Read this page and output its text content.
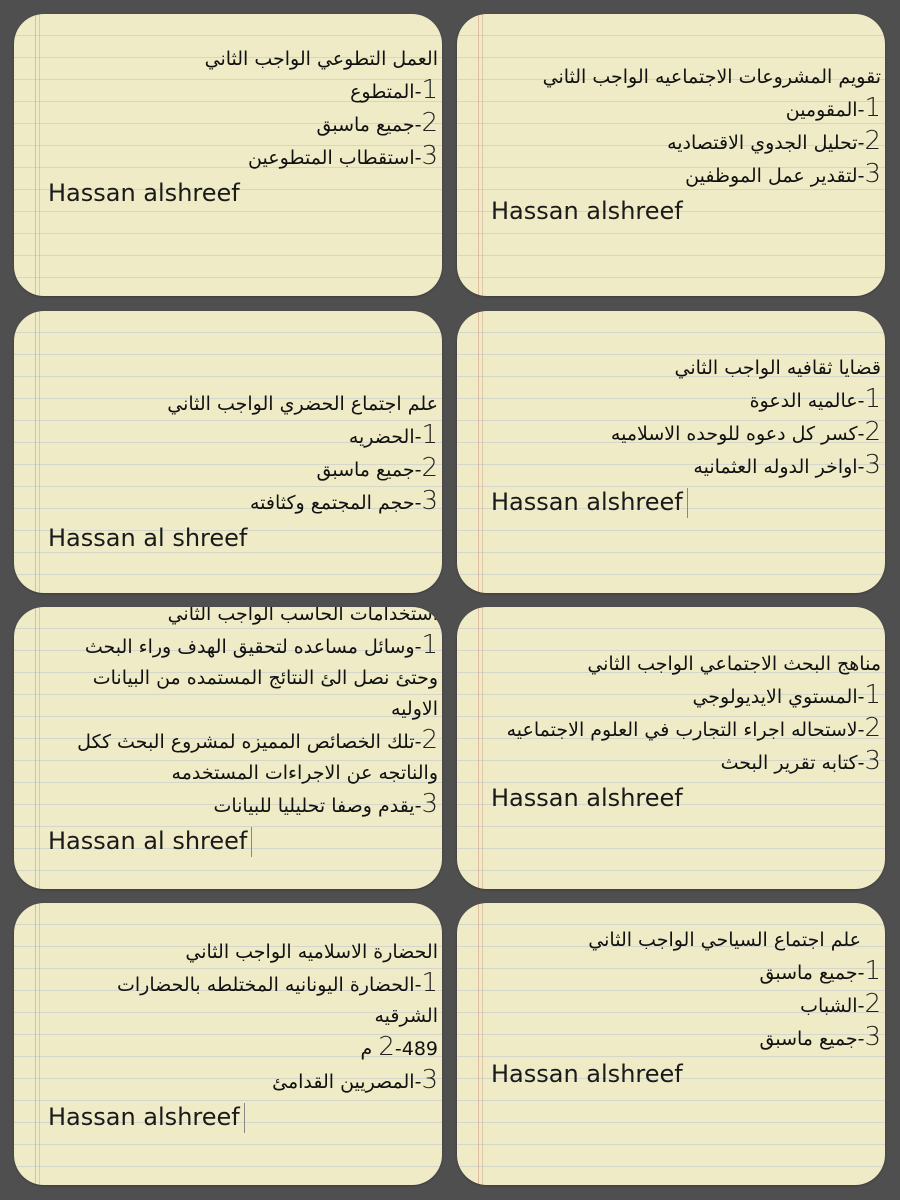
تقويم المشروعات الاجتماعيه الواجب الثاني
1-المقومين
2-تحليل الجدوي الاقتصاديه
3-لتقدير عمل الموظفين
Hassan alshreef
العمل التطوعي الواجب الثاني
1-المتطوع
2-جميع ماسبق
3-استقطاب المتطوعين
Hassan alshreef
قضايا ثقافيه الواجب الثاني
1-عالميه الدعوة
2-كسر كل دعوه للوحده الاسلاميه
3-اواخر الدوله العثمانيه
Hassan alshreef
علم اجتماع الحضري الواجب الثاني
1-الحضريه
2-جميع ماسبق
3-حجم المجتمع وكثافته
Hassan al shreef
مناهج البحث الاجتماعي الواجب الثاني
1-المستوي الايديولوجي
2-لاستحاله اجراء التجارب في العلوم الاجتماعيه
3-كتابه تقرير البحث
Hassan alshreef
استخدامات الحاسب الواجب الثاني
1-وسائل مساعده لتحقيق الهدف وراء البحث وحتئ نصل الئ النتائج المستمده من البيانات الاوليه
2-تلك الخصائص المميزه لمشروع البحث ككل والناتجه عن الاجراءات المستخدمه
3-يقدم وصفا تحليليا للبيانات
Hassan al shreef
علم اجتماع السياحي الواجب الثاني
1-جميع ماسبق
2-الشباب
3-جميع ماسبق
Hassan alshreef
الحضارة الاسلاميه الواجب الثاني
1-الحضارة اليونانيه المختلطه بالحضارات الشرقيه
2-489 م
3-المصريين القدامئ
Hassan alshreef
